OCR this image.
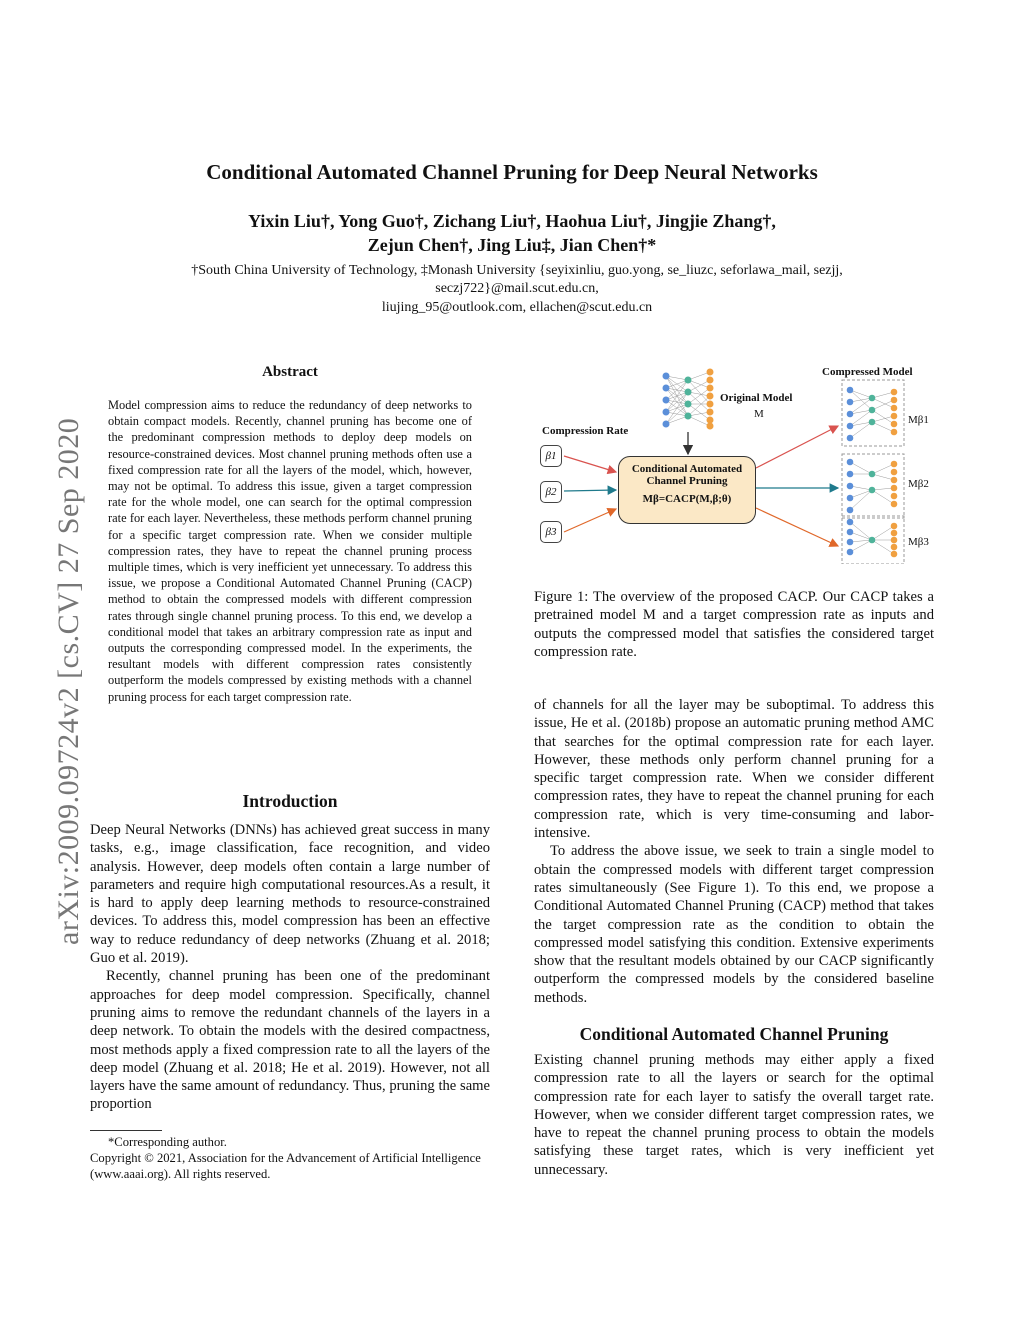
arXiv:2009.09724v2 [cs.CV] 27 Sep 2020
Conditional Automated Channel Pruning for Deep Neural Networks
Yixin Liu†, Yong Guo†, Zichang Liu†, Haohua Liu†, Jingjie Zhang†,
Zejun Chen†, Jing Liu‡, Jian Chen†*
†South China University of Technology, ‡Monash University {seyixinliu, guo.yong, se_liuzc, seforlawa_mail, sezjj,
seczj722}@mail.scut.edu.cn,
liujing_95@outlook.com, ellachen@scut.edu.cn
Abstract
Model compression aims to reduce the redundancy of deep networks to obtain compact models. Recently, channel pruning has become one of the predominant compression methods to deploy deep models on resource-constrained devices. Most channel pruning methods often use a fixed compression rate for all the layers of the model, which, however, may not be optimal. To address this issue, given a target compression rate for the whole model, one can search for the optimal compression rate for each layer. Nevertheless, these methods perform channel pruning for a specific target compression rate. When we consider multiple compression rates, they have to repeat the channel pruning process multiple times, which is very inefficient yet unnecessary. To address this issue, we propose a Conditional Automated Channel Pruning (CACP) method to obtain the compressed models with different compression rates through single channel pruning process. To this end, we develop a conditional model that takes an arbitrary compression rate as input and outputs the corresponding compressed model. In the experiments, the resultant models with different compression rates consistently outperform the models compressed by existing methods with a channel pruning process for each target compression rate.
Introduction

Deep Neural Networks (DNNs) has achieved great success in many tasks, e.g., image classification, face recognition, and video analysis. However, deep models often contain a large number of parameters and require high computational resources.As a result, it is hard to apply deep learning methods to resource-constrained devices. To address this, model compression has been an effective way to reduce redundancy of deep networks (Zhuang et al. 2018; Guo et al. 2019).

Recently, channel pruning has been one of the predominant approaches for deep model compression. Specifically, channel pruning aims to remove the redundant channels of the layers in a deep network. To obtain the models with the desired compactness, most methods apply a fixed compression rate to all the layers of the deep model (Zhuang et al. 2018; He et al. 2019). However, not all layers have the same amount of redundancy. Thus, pruning the same proportion

*Corresponding author.
Copyright © 2021, Association for the Advancement of Artificial Intelligence (www.aaai.org). All rights reserved.
Compressed Model
Original Model
M
Compression Rate
β1
β2
β3
Conditional Automated
Channel Pruning
Mβ=CACP(M,β;θ)
Mβ1
Mβ2
Mβ3
Figure 1: The overview of the proposed CACP. Our CACP takes a pretrained model M and a target compression rate as inputs and outputs the compressed model that satisfies the considered target compression rate.

of channels for all the layer may be suboptimal. To address this issue, He et al. (2018b) propose an automatic pruning method AMC that searches for the optimal compression rate for each layer. However, these methods only perform channel pruning for a specific target compression rate. When we consider different compression rates, they have to repeat the channel pruning for each compression rate, which is very time-consuming and labor-intensive.

To address the above issue, we seek to train a single model to obtain the compressed models with different target compression rates simultaneously (See Figure 1). To this end, we propose a Conditional Automated Channel Pruning (CACP) method that takes the target compression rate as the condition to obtain the compressed model satisfying this condition. Extensive experiments show that the resultant models obtained by our CACP significantly outperform the compressed models by the considered baseline methods.

Conditional Automated Channel Pruning

Existing channel pruning methods may either apply a fixed compression rate to all the layers or search for the optimal compression rate for each layer to satisfy the overall target rate. However, when we consider different target compression rates, we have to repeat the channel pruning process to obtain the models satisfying these target rates, which is very inefficient yet unnecessary.
